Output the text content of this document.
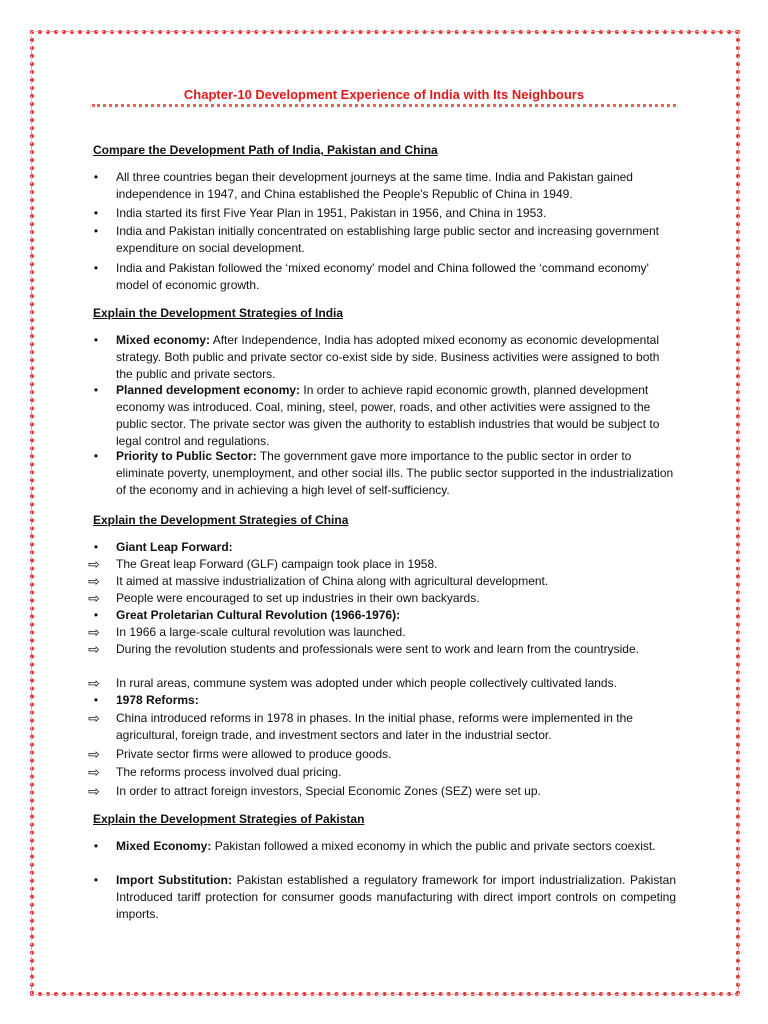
Chapter-10 Development Experience of India with Its Neighbours
Compare the Development Path of India, Pakistan and China
•	All three countries began their development journeys at the same time. India and Pakistan gained independence in 1947, and China established the People's Republic of China in 1949.
•	India started its first Five Year Plan in 1951, Pakistan in 1956, and China in 1953.
•	India and Pakistan initially concentrated on establishing large public sector and increasing government expenditure on social development.
•	India and Pakistan followed the ‘mixed economy' model and China followed the ‘command economy' model of economic growth.
Explain the Development Strategies of India
•	Mixed economy: After Independence, India has adopted mixed economy as economic developmental strategy. Both public and private sector co-exist side by side. Business activities were assigned to both the public and private sectors.
•	Planned development economy: In order to achieve rapid economic growth, planned development economy was introduced. Coal, mining, steel, power, roads, and other activities were assigned to the public sector. The private sector was given the authority to establish industries that would be subject to legal control and regulations.
•	Priority to Public Sector: The government gave more importance to the public sector in order to eliminate poverty, unemployment, and other social ills. The public sector supported in the industrialization of the economy and in achieving a high level of self-sufficiency.
Explain the Development Strategies of China
•	Giant Leap Forward:
⇨ The Great leap Forward (GLF) campaign took place in 1958.
⇨ It aimed at massive industrialization of China along with agricultural development.
⇨ People were encouraged to set up industries in their own backyards.
•	Great Proletarian Cultural Revolution (1966-1976):
⇨ In 1966 a large-scale cultural revolution was launched.
⇨ During the revolution students and professionals were sent to work and learn from the countryside.
⇨ In rural areas, commune system was adopted under which people collectively cultivated lands.
•	1978 Reforms:
⇨ China introduced reforms in 1978 in phases. In the initial phase, reforms were implemented in the agricultural, foreign trade, and investment sectors and later in the industrial sector.
⇨ Private sector firms were allowed to produce goods.
⇨ The reforms process involved dual pricing.
⇨ In order to attract foreign investors, Special Economic Zones (SEZ) were set up.
Explain the Development Strategies of Pakistan
•	Mixed Economy: Pakistan followed a mixed economy in which the public and private sectors coexist.
•	Import Substitution: Pakistan established a regulatory framework for import industrialization. Pakistan Introduced tariff protection for consumer goods manufacturing with direct import controls on competing imports.
